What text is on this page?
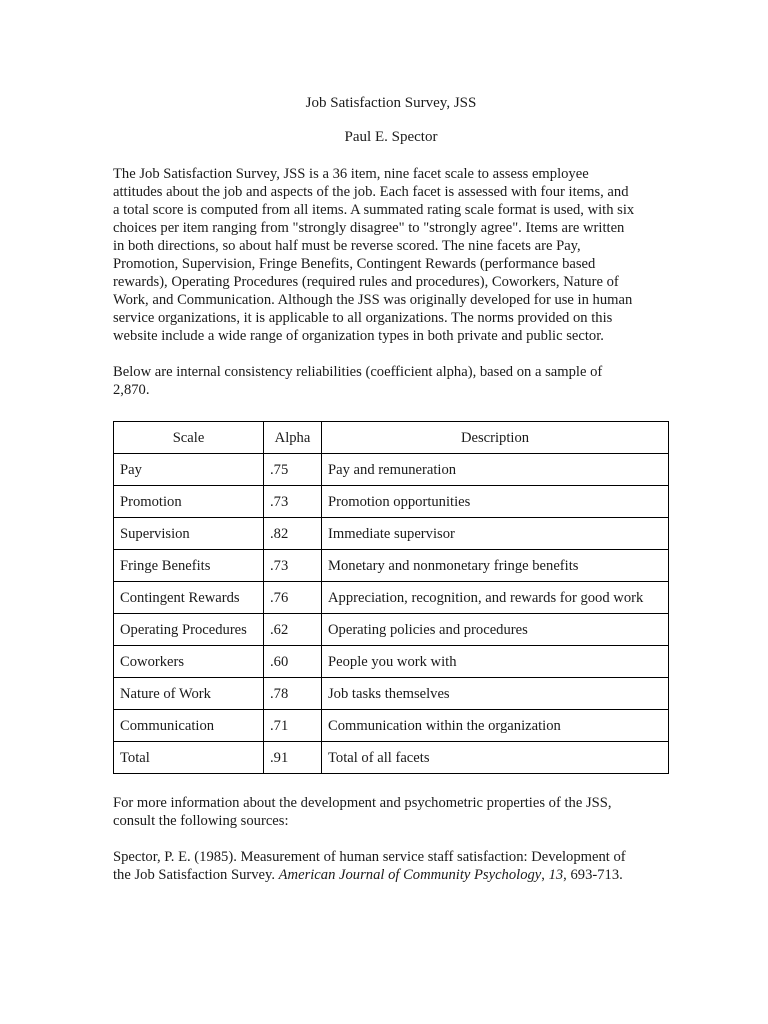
Job Satisfaction Survey, JSS

Paul E. Spector

The Job Satisfaction Survey, JSS is a 36 item, nine facet scale to assess employee
attitudes about the job and aspects of the job. Each facet is assessed with four items, and
a total score is computed from all items. A summated rating scale format is used, with six
choices per item ranging from "strongly disagree" to "strongly agree". Items are written
in both directions, so about half must be reverse scored. The nine facets are Pay,
Promotion, Supervision, Fringe Benefits, Contingent Rewards (performance based
rewards), Operating Procedures (required rules and procedures), Coworkers, Nature of
Work, and Communication. Although the JSS was originally developed for use in human
service organizations, it is applicable to all organizations. The norms provided on this
website include a wide range of organization types in both private and public sector.
Below are internal consistency reliabilities (coefficient alpha), based on a sample of
2,870.
Scale	Alpha	Description
Pay	.75	Pay and remuneration
Promotion	.73	Promotion opportunities
Supervision	.82	Immediate supervisor
Fringe Benefits	.73	Monetary and nonmonetary fringe benefits
Contingent Rewards	.76	Appreciation, recognition, and rewards for good work
Operating Procedures	.62	Operating policies and procedures
Coworkers	.60	People you work with
Nature of Work	.78	Job tasks themselves
Communication	.71	Communication within the organization
Total	.91	Total of all facets
For more information about the development and psychometric properties of the JSS,
consult the following sources:
Spector, P. E. (1985). Measurement of human service staff satisfaction: Development of
the Job Satisfaction Survey. American Journal of Community Psychology, 13, 693-713.
